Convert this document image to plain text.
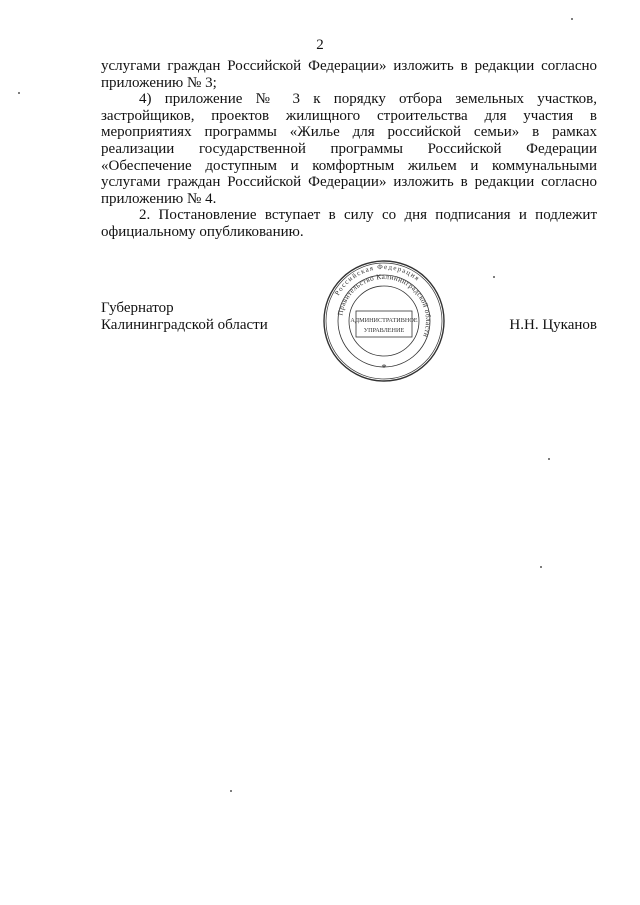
2

услугами граждан Российской Федерации» изложить в редакции согласно приложению № 3;

4) приложение № 3 к порядку отбора земельных участков, застройщиков, проектов жилищного строительства для участия в мероприятиях программы «Жилье для российской семьи» в рамках реализации государственной программы Российской Федерации «Обеспечение доступным и комфортным жильем и коммунальными услугами граждан Российской Федерации» изложить в редакции согласно приложению № 4.

2. Постановление вступает в силу со дня подписания и подлежит официальному опубликованию.

Губернатор
Калининградской области	Н.Н. Цуканов
Российская Федерация
Правительство Калининградской области
АДМИНИСТРАТИВНОЕ
УПРАВЛЕНИЕ
*
